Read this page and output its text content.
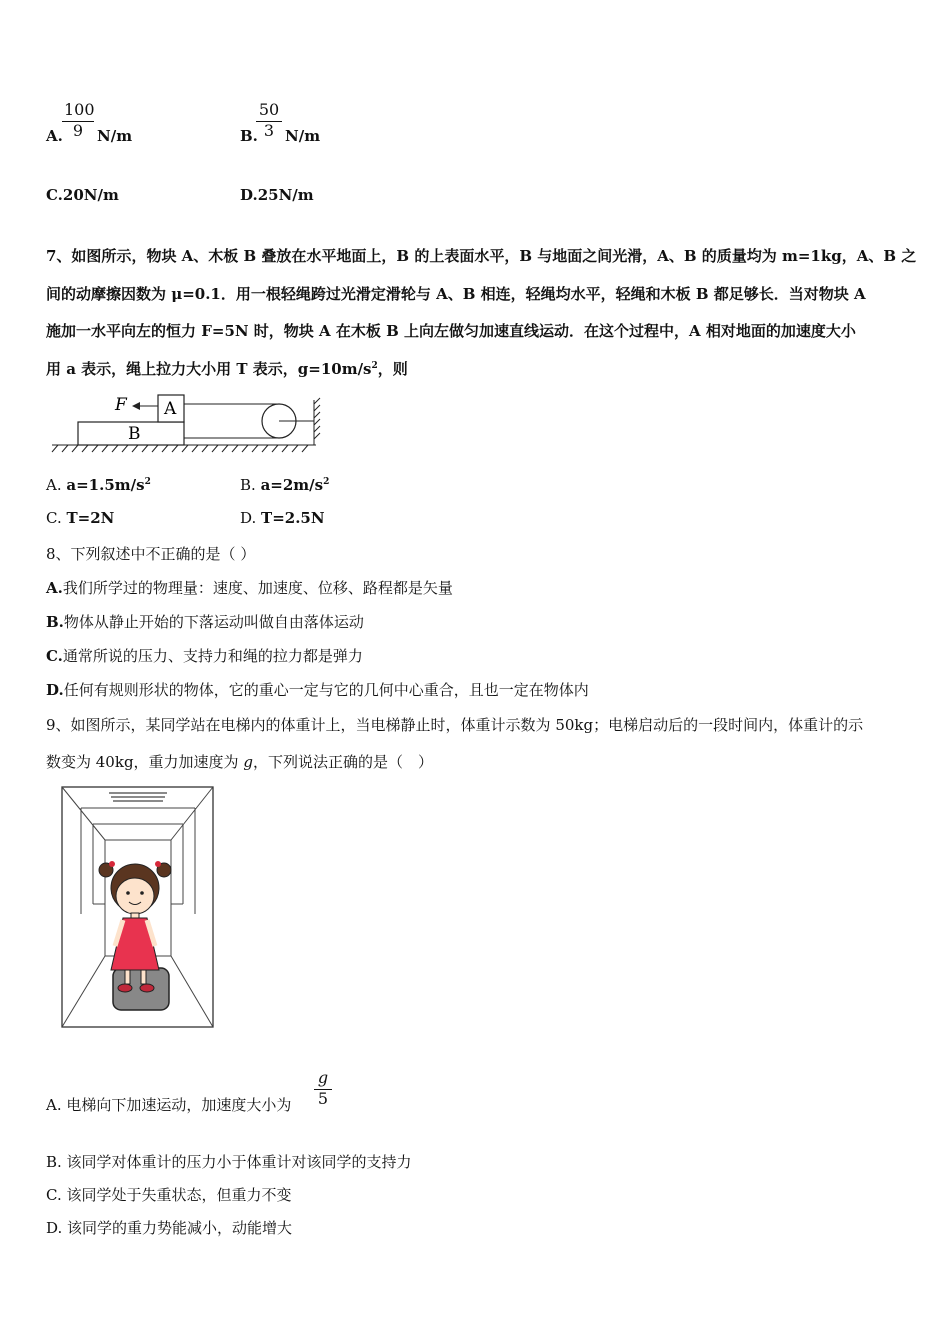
A.
100
9 N/m	B.
50
3 N/m
C.20N/m	D.25N/m
7、如图所示，物块 A、木板 B 叠放在水平地面上，B 的上表面水平，B 与地面之间光滑，A、B 的质量均为 m=1kg，A、B 之
间的动摩擦因数为 μ=0.1．用一根轻绳跨过光滑定滑轮与 A、B 相连，轻绳均水平，轻绳和木板 B 都足够长．当对物块 A
施加一水平向左的恒力 F=5N 时，物块 A 在木板 B 上向左做匀加速直线运动．在这个过程中，A 相对地面的加速度大小
用 a 表示，绳上拉力大小用 T 表示，$g=10m/s^2$，则
F A
B
A. $a=1.5m/s^2$	B. $a=2m/s^2$
C. T=2N	D. T=2.5N
8、下列叙述中不正确的是（ ）
A.我们所学过的物理量：速度、加速度、位移、路程都是矢量
B.物体从静止开始的下落运动叫做自由落体运动
C.通常所说的压力、支持力和绳的拉力都是弹力
D.任何有规则形状的物体，它的重心一定与它的几何中心重合，且也一定在物体内
9、如图所示，某同学站在电梯内的体重计上，当电梯静止时，体重计示数为 50kg；电梯启动后的一段时间内，体重计的示
数变为 40kg，重力加速度为 g，下列说法正确的是（　）
A. 电梯向下加速运动，加速度大小为
g
5
B. 该同学对体重计的压力小于体重计对该同学的支持力
C. 该同学处于失重状态，但重力不变
D. 该同学的重力势能减小，动能增大
